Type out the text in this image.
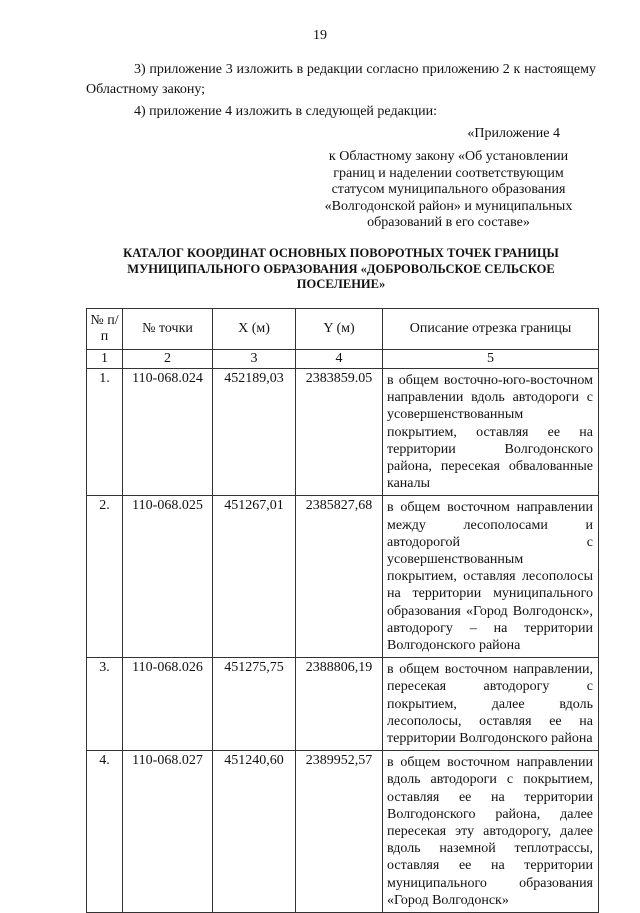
19
3) приложение 3 изложить в редакции согласно приложению 2 к настоящему Областному закону;
4) приложение 4 изложить в следующей редакции:
«Приложение 4
к Областному закону «Об установлении границ и наделении соответствующим статусом муниципального образования «Волгодонской район» и муниципальных образований в его составе»
КАТАЛОГ КООРДИНАТ ОСНОВНЫХ ПОВОРОТНЫХ ТОЧЕК ГРАНИЦЫ МУНИЦИПАЛЬНОГО ОБРАЗОВАНИЯ «ДОБРОВОЛЬСКОЕ СЕЛЬСКОЕ ПОСЕЛЕНИЕ»
№ п/п	№ точки	X (м)	Y (м)	Описание отрезка границы
1	2	3	4	5
1.	110-068.024	452189,03	2383859.05	в общем восточно-юго-восточном направлении вдоль автодороги с усовершенствованным покрытием, оставляя ее на территории Волгодонского района, пересекая обвалованные каналы
2.	110-068.025	451267,01	2385827,68	в общем восточном направлении между лесополосами и автодорогой с усовершенствованным покрытием, оставляя лесополосы на территории муниципального образования «Город Волгодонск», автодорогу – на территории Волгодонского района
3.	110-068.026	451275,75	2388806,19	в общем восточном направлении, пересекая автодорогу с покрытием, далее вдоль лесополосы, оставляя ее на территории Волгодонского района
4.	110-068.027	451240,60	2389952,57	в общем восточном направлении вдоль автодороги с покрытием, оставляя ее на территории Волгодонского района, далее пересекая эту автодорогу, далее вдоль наземной теплотрассы, оставляя ее на территории муниципального образования «Город Волгодонск»
